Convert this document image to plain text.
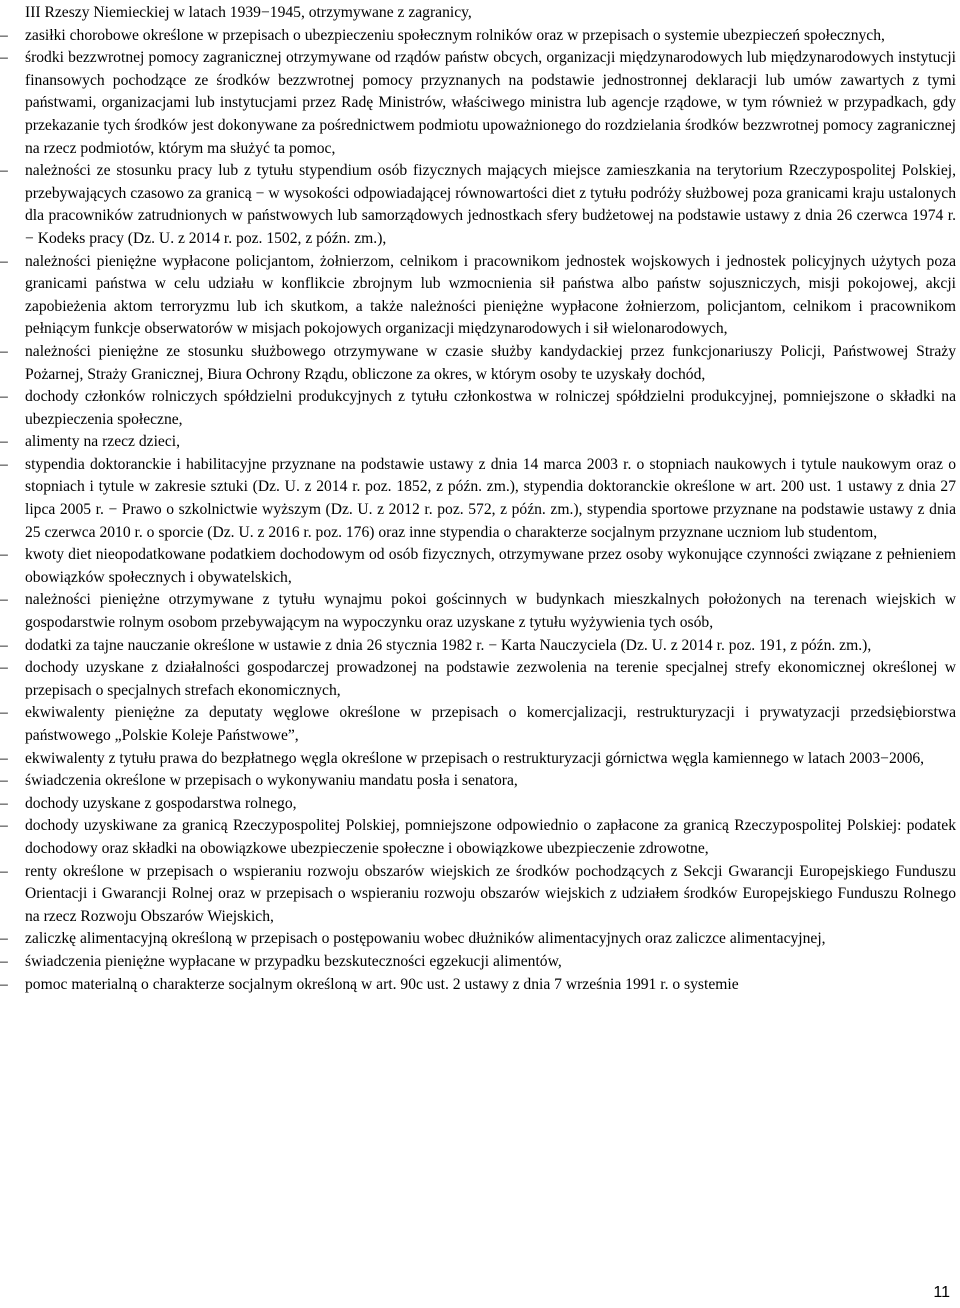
III Rzeszy Niemieckiej w latach 1939−1945, otrzymywane z zagranicy,
–	zasiłki chorobowe określone w przepisach o ubezpieczeniu społecznym rolników oraz w przepisach o systemie ubezpieczeń społecznych,
–	środki bezzwrotnej pomocy zagranicznej otrzymywane od rządów państw obcych, organizacji międzynarodowych lub międzynarodowych instytucji finansowych pochodzące ze środków bezzwrotnej pomocy przyznanych na podstawie jednostronnej deklaracji lub umów zawartych z tymi państwami, organizacjami lub instytucjami przez Radę Ministrów, właściwego ministra lub agencje rządowe, w tym również w przypadkach, gdy przekazanie tych środków jest dokonywane za pośrednictwem podmiotu upoważnionego do rozdzielania środków bezzwrotnej pomocy zagranicznej na rzecz podmiotów, którym ma służyć ta pomoc,
–	należności ze stosunku pracy lub z tytułu stypendium osób fizycznych mających miejsce zamieszkania na terytorium Rzeczypospolitej Polskiej, przebywających czasowo za granicą − w wysokości odpowiadającej równowartości diet z tytułu podróży służbowej poza granicami kraju ustalonych dla pracowników zatrudnionych w państwowych lub samorządowych jednostkach sfery budżetowej na podstawie ustawy z dnia 26 czerwca 1974 r. − Kodeks pracy (Dz. U. z 2014 r. poz. 1502, z późn. zm.),
–	należności pieniężne wypłacone policjantom, żołnierzom, celnikom i pracownikom jednostek wojskowych i jednostek policyjnych użytych poza granicami państwa w celu udziału w konflikcie zbrojnym lub wzmocnienia sił państwa albo państw sojuszniczych, misji pokojowej, akcji zapobieżenia aktom terroryzmu lub ich skutkom, a także należności pieniężne wypłacone żołnierzom, policjantom, celnikom i pracownikom pełniącym funkcje obserwatorów w misjach pokojowych organizacji międzynarodowych i sił wielonarodowych,
–	należności pieniężne ze stosunku służbowego otrzymywane w czasie służby kandydackiej przez funkcjonariuszy Policji, Państwowej Straży Pożarnej, Straży Granicznej, Biura Ochrony Rządu, obliczone za okres, w którym osoby te uzyskały dochód,
–	dochody członków rolniczych spółdzielni produkcyjnych z tytułu członkostwa w rolniczej spółdzielni produkcyjnej, pomniejszone o składki na ubezpieczenia społeczne,
–	alimenty na rzecz dzieci,
–	stypendia doktoranckie i habilitacyjne przyznane na podstawie ustawy z dnia 14 marca 2003 r. o stopniach naukowych i tytule naukowym oraz o stopniach i tytule w zakresie sztuki (Dz. U. z 2014 r. poz. 1852, z późn. zm.), stypendia doktoranckie określone w art. 200 ust. 1 ustawy z dnia 27 lipca 2005 r. − Prawo o szkolnictwie wyższym (Dz. U. z 2012 r. poz. 572, z późn. zm.), stypendia sportowe przyznane na podstawie ustawy z dnia 25 czerwca 2010 r. o sporcie (Dz. U. z 2016 r. poz. 176) oraz inne stypendia o charakterze socjalnym przyznane uczniom lub studentom,
–	kwoty diet nieopodatkowane podatkiem dochodowym od osób fizycznych, otrzymywane przez osoby wykonujące czynności związane z pełnieniem obowiązków społecznych i obywatelskich,
–	należności pieniężne otrzymywane z tytułu wynajmu pokoi gościnnych w budynkach mieszkalnych położonych na terenach wiejskich w gospodarstwie rolnym osobom przebywającym na wypoczynku oraz uzyskane z tytułu wyżywienia tych osób,
–	dodatki za tajne nauczanie określone w ustawie z dnia 26 stycznia 1982 r. − Karta Nauczyciela (Dz. U. z 2014 r. poz. 191, z późn. zm.),
–	dochody uzyskane z działalności gospodarczej prowadzonej na podstawie zezwolenia na terenie specjalnej strefy ekonomicznej określonej w przepisach o specjalnych strefach ekonomicznych,
–	ekwiwalenty pieniężne za deputaty węglowe określone w przepisach o komercjalizacji, restrukturyzacji i prywatyzacji przedsiębiorstwa państwowego „Polskie Koleje Państwowe”,
–	ekwiwalenty z tytułu prawa do bezpłatnego węgla określone w przepisach o restrukturyzacji górnictwa węgla kamiennego w latach 2003−2006,
–	świadczenia określone w przepisach o wykonywaniu mandatu posła i senatora,
–	dochody uzyskane z gospodarstwa rolnego,
–	dochody uzyskiwane za granicą Rzeczypospolitej Polskiej, pomniejszone odpowiednio o zapłacone za granicą Rzeczypospolitej Polskiej: podatek dochodowy oraz składki na obowiązkowe ubezpieczenie społeczne i obowiązkowe ubezpieczenie zdrowotne,
–	renty określone w przepisach o wspieraniu rozwoju obszarów wiejskich ze środków pochodzących z Sekcji Gwarancji Europejskiego Funduszu Orientacji i Gwarancji Rolnej oraz w przepisach o wspieraniu rozwoju obszarów wiejskich z udziałem środków Europejskiego Funduszu Rolnego na rzecz Rozwoju Obszarów Wiejskich,
–	zaliczkę alimentacyjną określoną w przepisach o postępowaniu wobec dłużników alimentacyjnych oraz zaliczce alimentacyjnej,
–	świadczenia pieniężne wypłacane w przypadku bezskuteczności egzekucji alimentów,
–	pomoc materialną o charakterze socjalnym określoną w art. 90c ust. 2 ustawy z dnia 7 września 1991 r. o systemie
11
